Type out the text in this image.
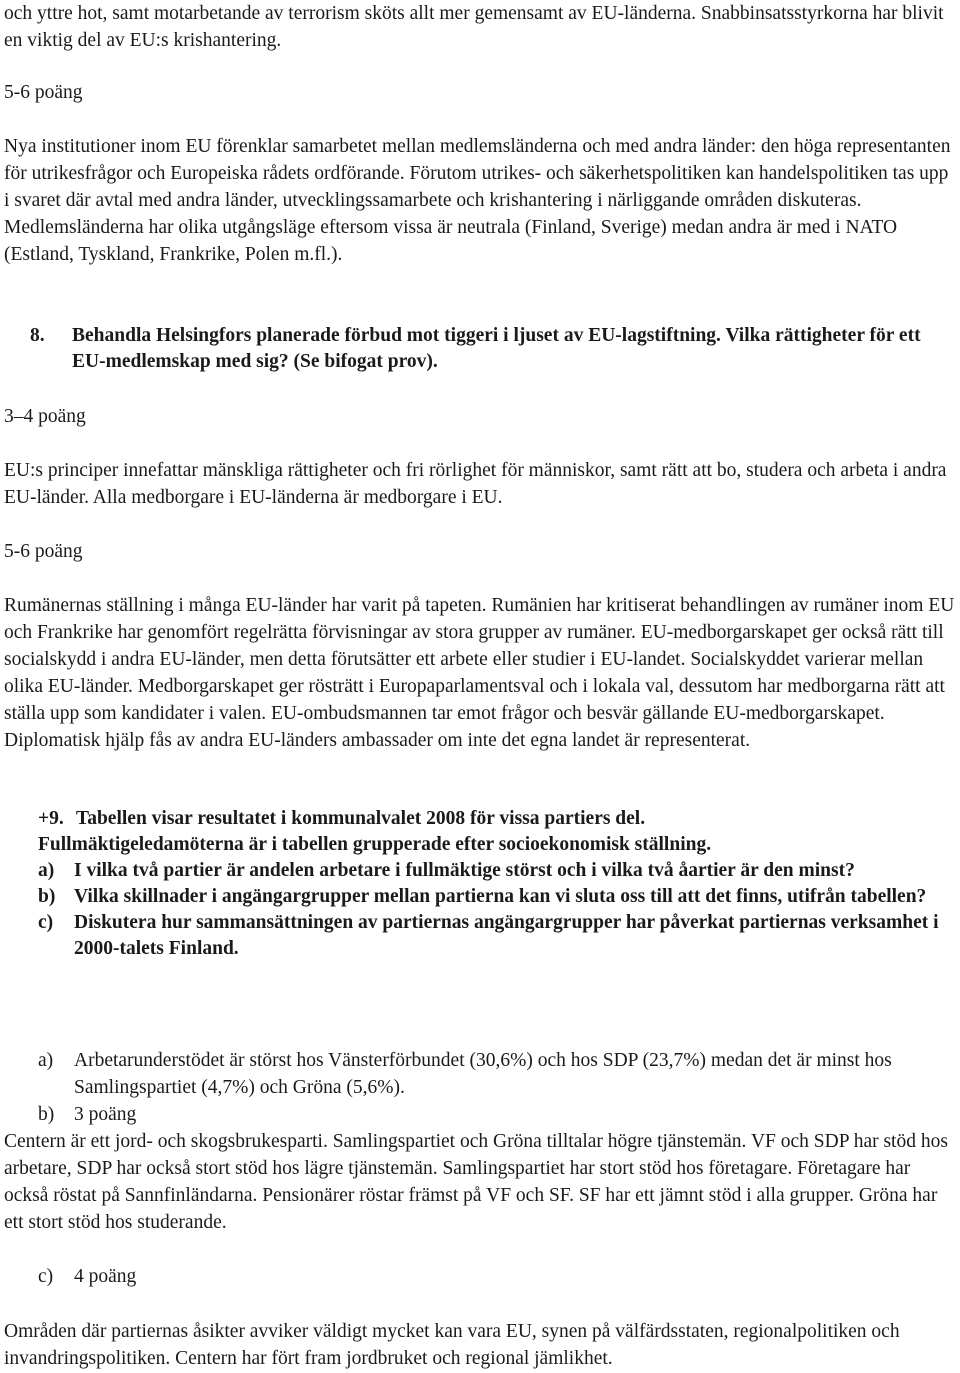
och yttre hot, samt motarbetande av terrorism sköts allt mer gemensamt av EU-länderna. Snabbinsatsstyrkorna har blivit en viktig del av EU:s krishantering.

5-6 poäng

Nya institutioner inom EU förenklar samarbetet mellan medlemsländerna och med andra länder: den höga representanten för utrikesfrågor och Europeiska rådets ordförande. Förutom utrikes- och säkerhetspolitiken kan handelspolitiken tas upp i svaret där avtal med andra länder, utvecklingssamarbete och krishantering i närliggande områden diskuteras. Medlemsländerna har olika utgångsläge eftersom vissa är neutrala (Finland, Sverige) medan andra är med i NATO (Estland, Tyskland, Frankrike, Polen m.fl.).

8.	Behandla Helsingfors planerade förbud mot tiggeri i ljuset av EU-lagstiftning. Vilka rättigheter för ett EU-medlemskap med sig? (Se bifogat prov).

3–4 poäng

EU:s principer innefattar mänskliga rättigheter och fri rörlighet för människor, samt rätt att bo, studera och arbeta i andra EU-länder. Alla medborgare i EU-länderna är medborgare i EU.

5-6 poäng

Rumänernas ställning i många EU-länder har varit på tapeten. Rumänien har kritiserat behandlingen av rumäner inom EU och Frankrike har genomfört regelrätta förvisningar av stora grupper av rumäner. EU-medborgarskapet ger också rätt till socialskydd i andra EU-länder, men detta förutsätter ett arbete eller studier i EU-landet. Socialskyddet varierar mellan olika EU-länder. Medborgarskapet ger rösträtt i Europaparlamentsval och i lokala val, dessutom har medborgarna rätt att ställa upp som kandidater i valen. EU-ombudsmannen tar emot frågor och besvär gällande EU-medborgarskapet. Diplomatisk hjälp fås av andra EU-länders ambassader om inte det egna landet är representerat.

+9. Tabellen visar resultatet i kommunalvalet 2008 för vissa partiers del.
Fullmäktigeledamöterna är i tabellen grupperade efter socioekonomisk ställning.
a)	I vilka två partier är andelen arbetare i fullmäktige störst och i vilka två åartier är den minst?
b) Vilka skillnader i angängargrupper mellan partierna kan vi sluta oss till att det finns, utifrån tabellen?
c)	Diskutera hur sammansättningen av partiernas angängargrupper har påverkat partiernas verksamhet i 2000-talets Finland.
a)	Arbetarunderstödet är störst hos Vänsterförbundet (30,6%) och hos SDP (23,7%) medan det är minst hos Samlingspartiet (4,7%) och Gröna (5,6%).
b)	3 poäng

Centern är ett jord- och skogsbrukesparti. Samlingspartiet och Gröna tilltalar högre tjänstemän. VF och SDP har stöd hos arbetare, SDP har också stort stöd hos lägre tjänstemän. Samlingspartiet har stort stöd hos företagare. Företagare har också röstat på Sannfinländarna. Pensionärer röstar främst på VF och SF. SF har ett jämnt stöd i alla grupper. Gröna har ett stort stöd hos studerande.

c)	4 poäng

Områden där partiernas åsikter avviker väldigt mycket kan vara EU, synen på välfärdsstaten, regionalpolitiken och invandringspolitiken. Centern har fört fram jordbruket och regional jämlikhet.
